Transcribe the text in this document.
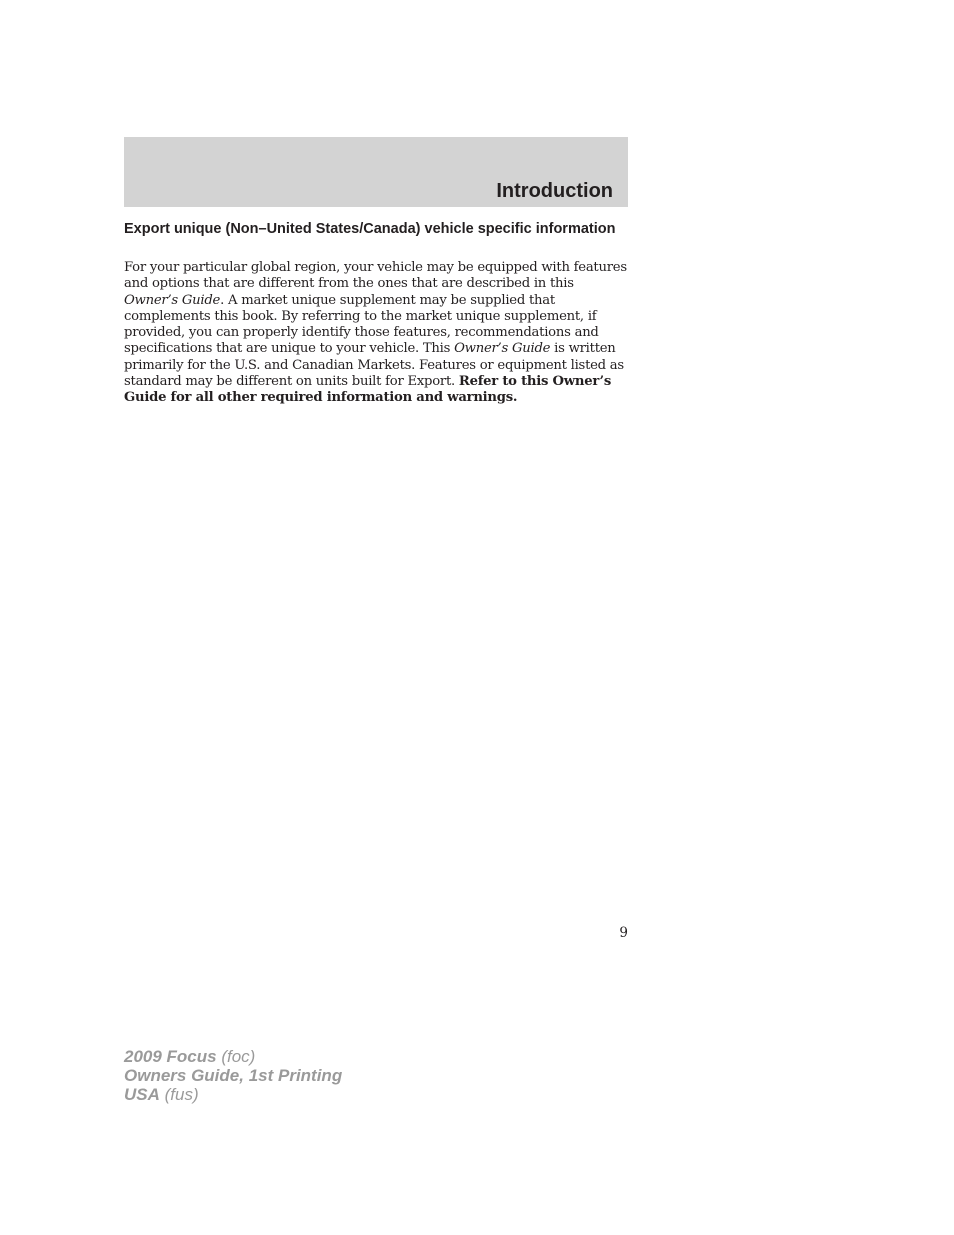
Introduction
Export unique (Non–United States/Canada) vehicle specific information

For your particular global region, your vehicle may be equipped with features and options that are different from the ones that are described in this Owner’s Guide. A market unique supplement may be supplied that complements this book. By referring to the market unique supplement, if provided, you can properly identify those features, recommendations and specifications that are unique to your vehicle. This Owner’s Guide is written primarily for the U.S. and Canadian Markets. Features or equipment listed as standard may be different on units built for Export. Refer to this Owner’s Guide for all other required information and warnings.

9
2009 Focus (foc)
Owners Guide, 1st Printing
USA (fus)
